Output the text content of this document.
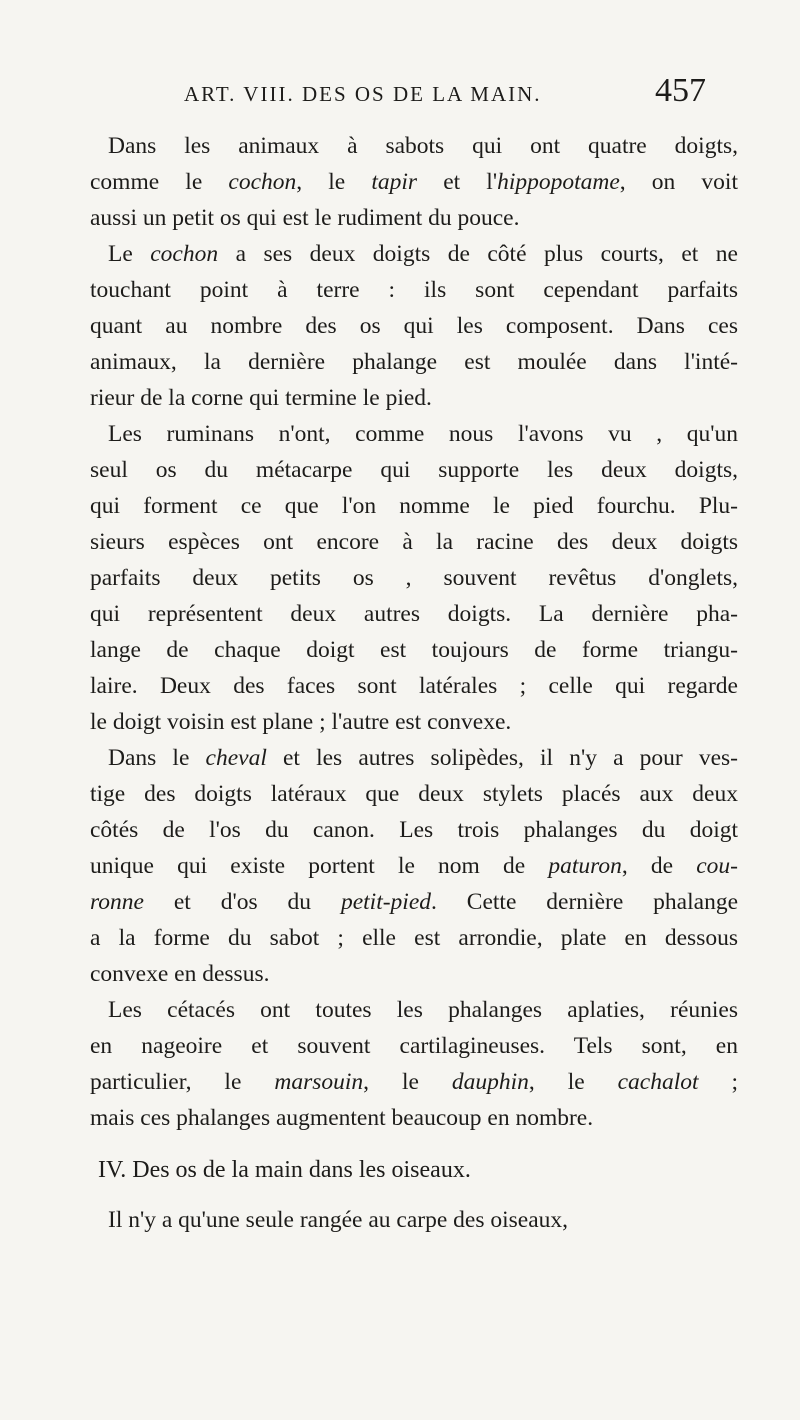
ART. VIII. DES OS DE LA MAIN.	457
Dans les animaux à sabots qui ont quatre doigts,
comme le cochon, le tapir et l'hippopotame, on voit
aussi un petit os qui est le rudiment du pouce.
Le cochon a ses deux doigts de côté plus courts, et ne
touchant point à terre : ils sont cependant parfaits
quant au nombre des os qui les composent. Dans ces
animaux, la dernière phalange est moulée dans l'inté-
rieur de la corne qui termine le pied.
Les ruminans n'ont, comme nous l'avons vu , qu'un
seul os du métacarpe qui supporte les deux doigts,
qui forment ce que l'on nomme le pied fourchu. Plu-
sieurs espèces ont encore à la racine des deux doigts
parfaits deux petits os , souvent revêtus d'onglets,
qui représentent deux autres doigts. La dernière pha-
lange de chaque doigt est toujours de forme triangu-
laire. Deux des faces sont latérales ; celle qui regarde
le doigt voisin est plane ; l'autre est convexe.
Dans le cheval et les autres solipèdes, il n'y a pour ves-
tige des doigts latéraux que deux stylets placés aux deux
côtés de l'os du canon. Les trois phalanges du doigt
unique qui existe portent le nom de paturon, de cou-
ronne et d'os du petit-pied. Cette dernière phalange
a la forme du sabot ; elle est arrondie, plate en dessous
convexe en dessus.
Les cétacés ont toutes les phalanges aplaties, réunies
en nageoire et souvent cartilagineuses. Tels sont, en
particulier, le marsouin, le dauphin, le cachalot ;
mais ces phalanges augmentent beaucoup en nombre.
IV. Des os de la main dans les oiseaux.
Il n'y a qu'une seule rangée au carpe des oiseaux,
